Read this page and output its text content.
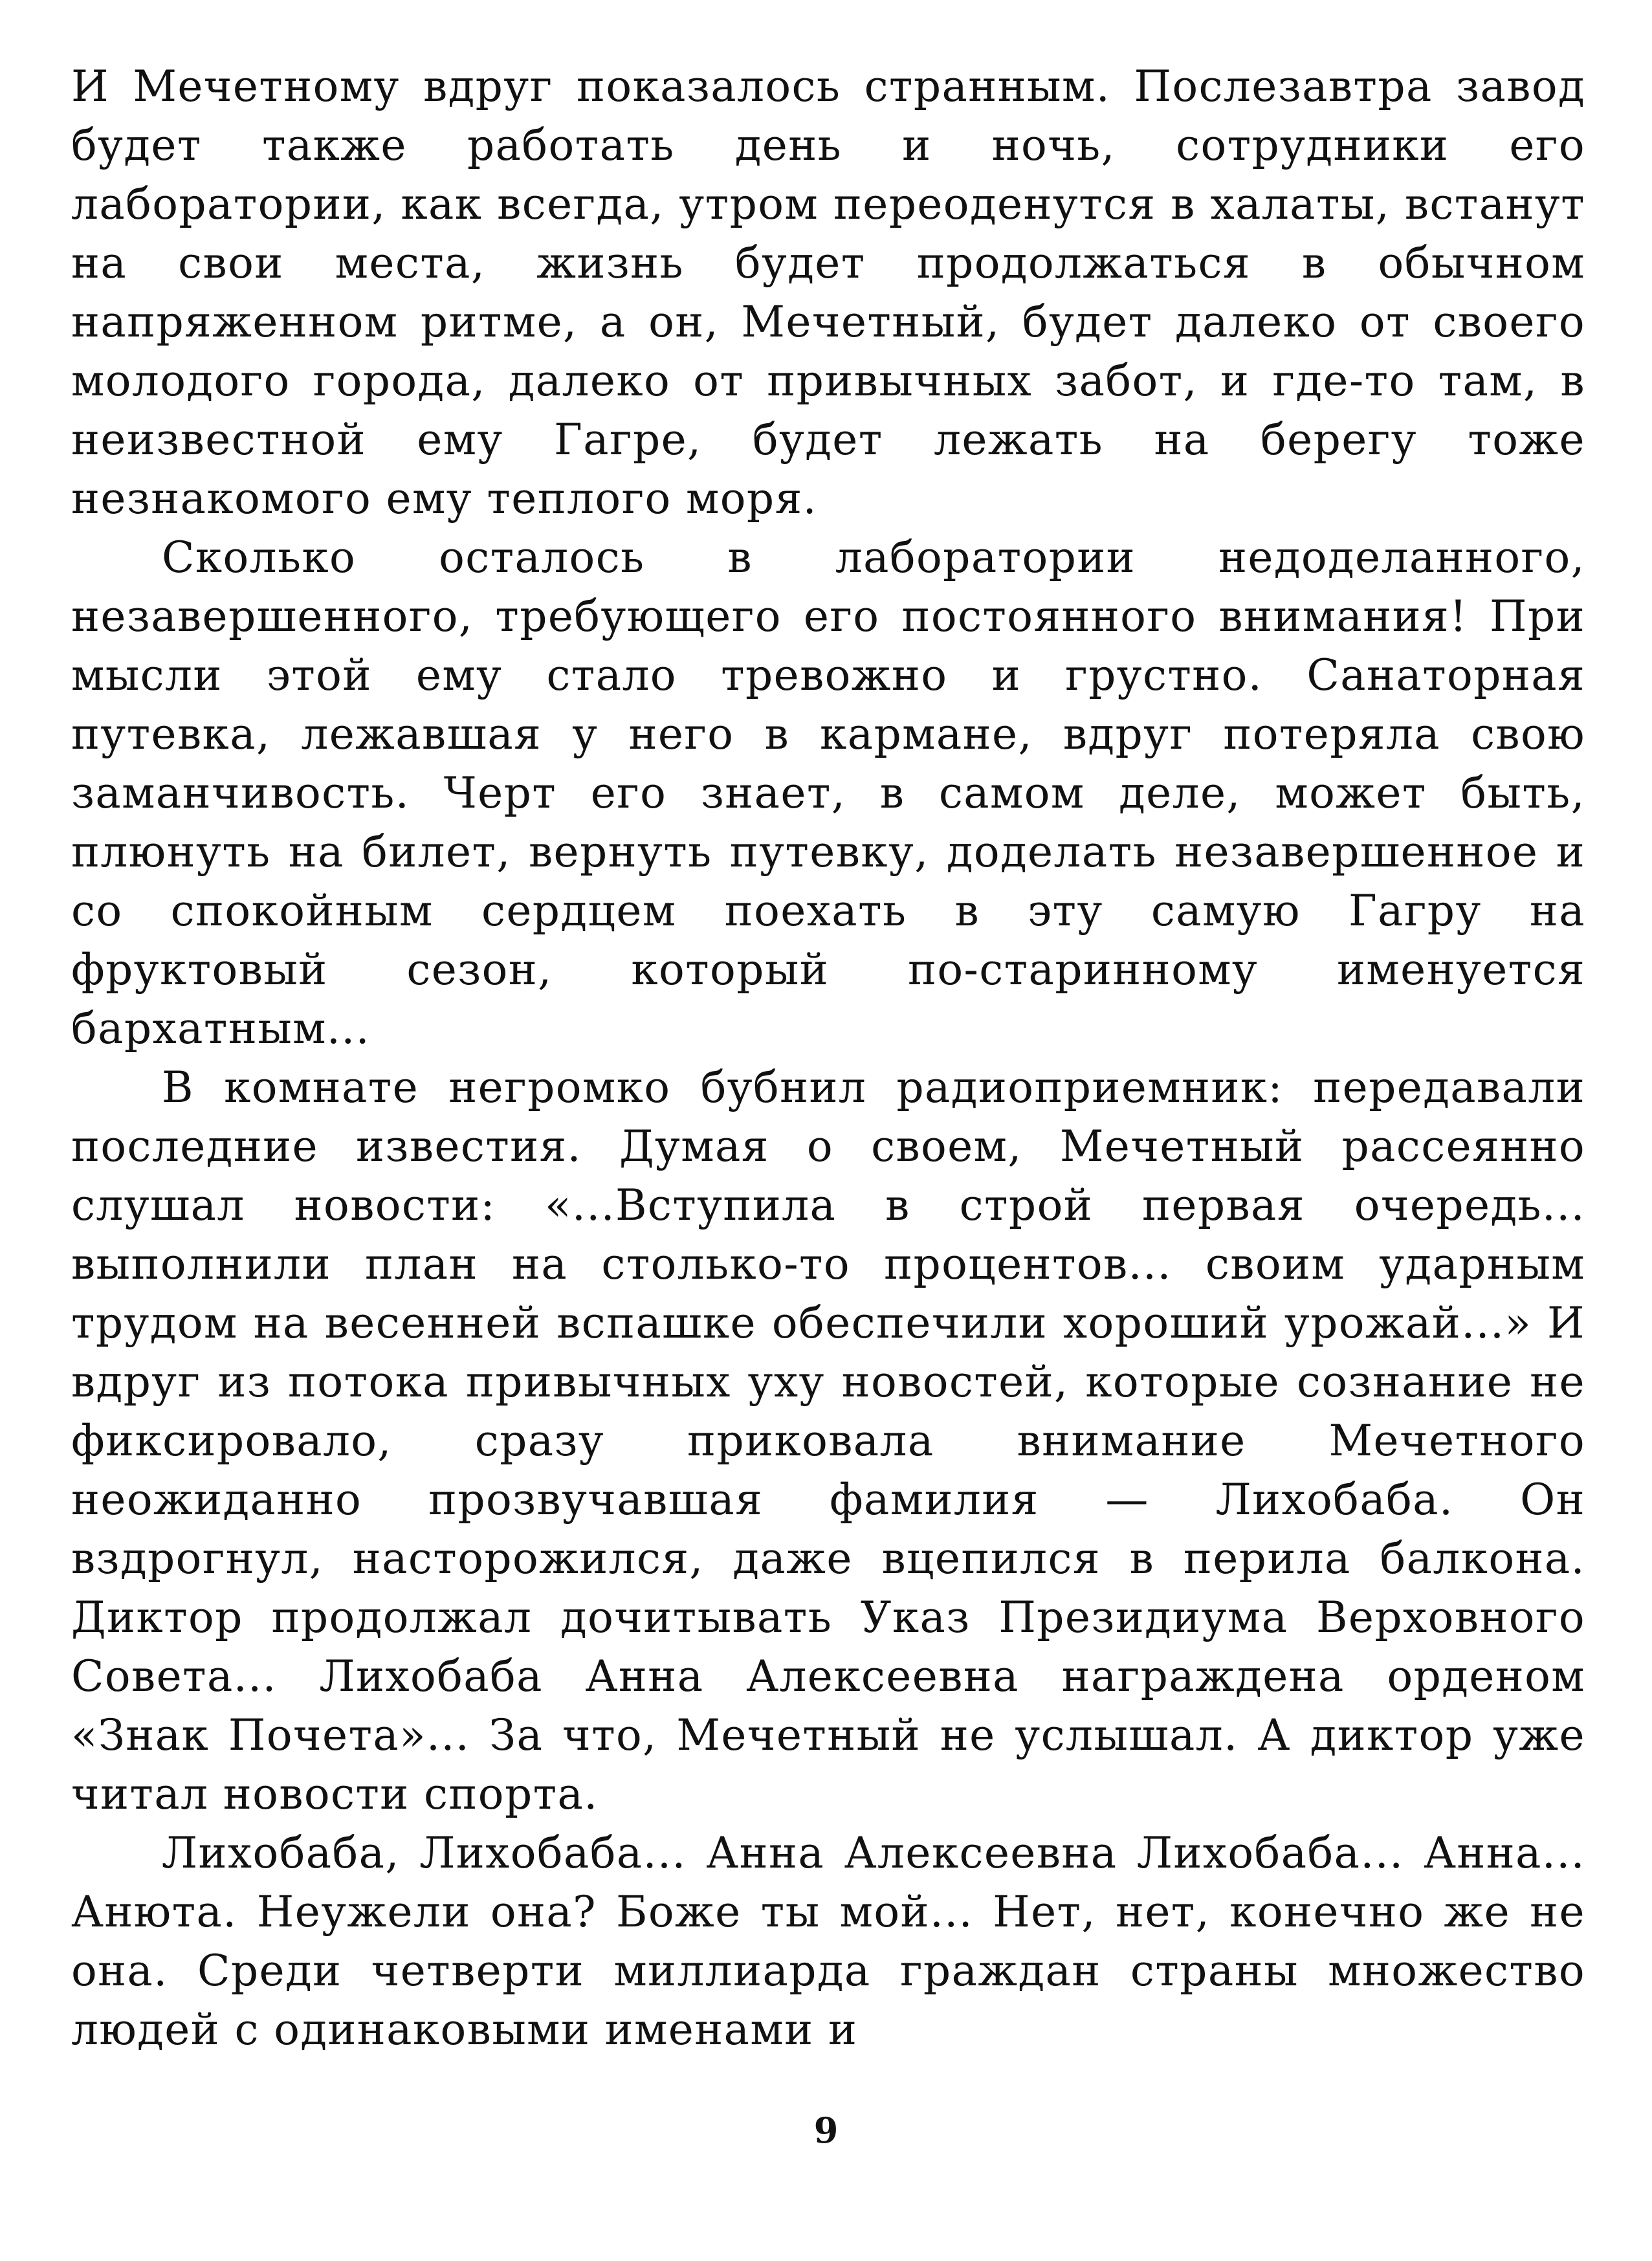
И Мечетному вдруг показалось странным. Послезавтра завод будет также работать день и ночь, сотрудники его лаборатории, как всегда, утром переоденутся в халаты, встанут на свои места, жизнь будет продолжаться в обычном напряженном ритме, а он, Мечетный, будет далеко от своего молодого города, далеко от привычных забот, и где-то там, в неизвестной ему Гагре, будет лежать на берегу тоже незнакомого ему теплого моря.

Сколько осталось в лаборатории недоделанного, незавершенного, требующего его постоянного внимания! При мысли этой ему стало тревожно и грустно. Санаторная путевка, лежавшая у него в кармане, вдруг потеряла свою заманчивость. Черт его знает, в самом деле, может быть, плюнуть на билет, вернуть путевку, доделать незавершенное и со спокойным сердцем поехать в эту самую Гагру на фруктовый сезон, который по-старинному именуется бархатным...

В комнате негромко бубнил радиоприемник: передавали последние известия. Думая о своем, Мечетный рассеянно слушал новости: «...Вступила в строй первая очередь... выполнили план на столько-то процентов... своим ударным трудом на весенней вспашке обеспечили хороший урожай...» И вдруг из потока привычных уху новостей, которые сознание не фиксировало, сразу приковала внимание Мечетного неожиданно прозвучавшая фамилия — Лихобаба. Он вздрогнул, насторожился, даже вцепился в перила балкона. Диктор продолжал дочитывать Указ Президиума Верховного Совета... Лихобаба Анна Алексеевна награждена орденом «Знак Почета»... За что, Мечетный не услышал. А диктор уже читал новости спорта.

Лихобаба, Лихобаба... Анна Алексеевна Лихобаба... Анна... Анюта. Неужели она? Боже ты мой... Нет, нет, конечно же не она. Среди четверти миллиарда граждан страны множество людей с одинаковыми именами и

9
